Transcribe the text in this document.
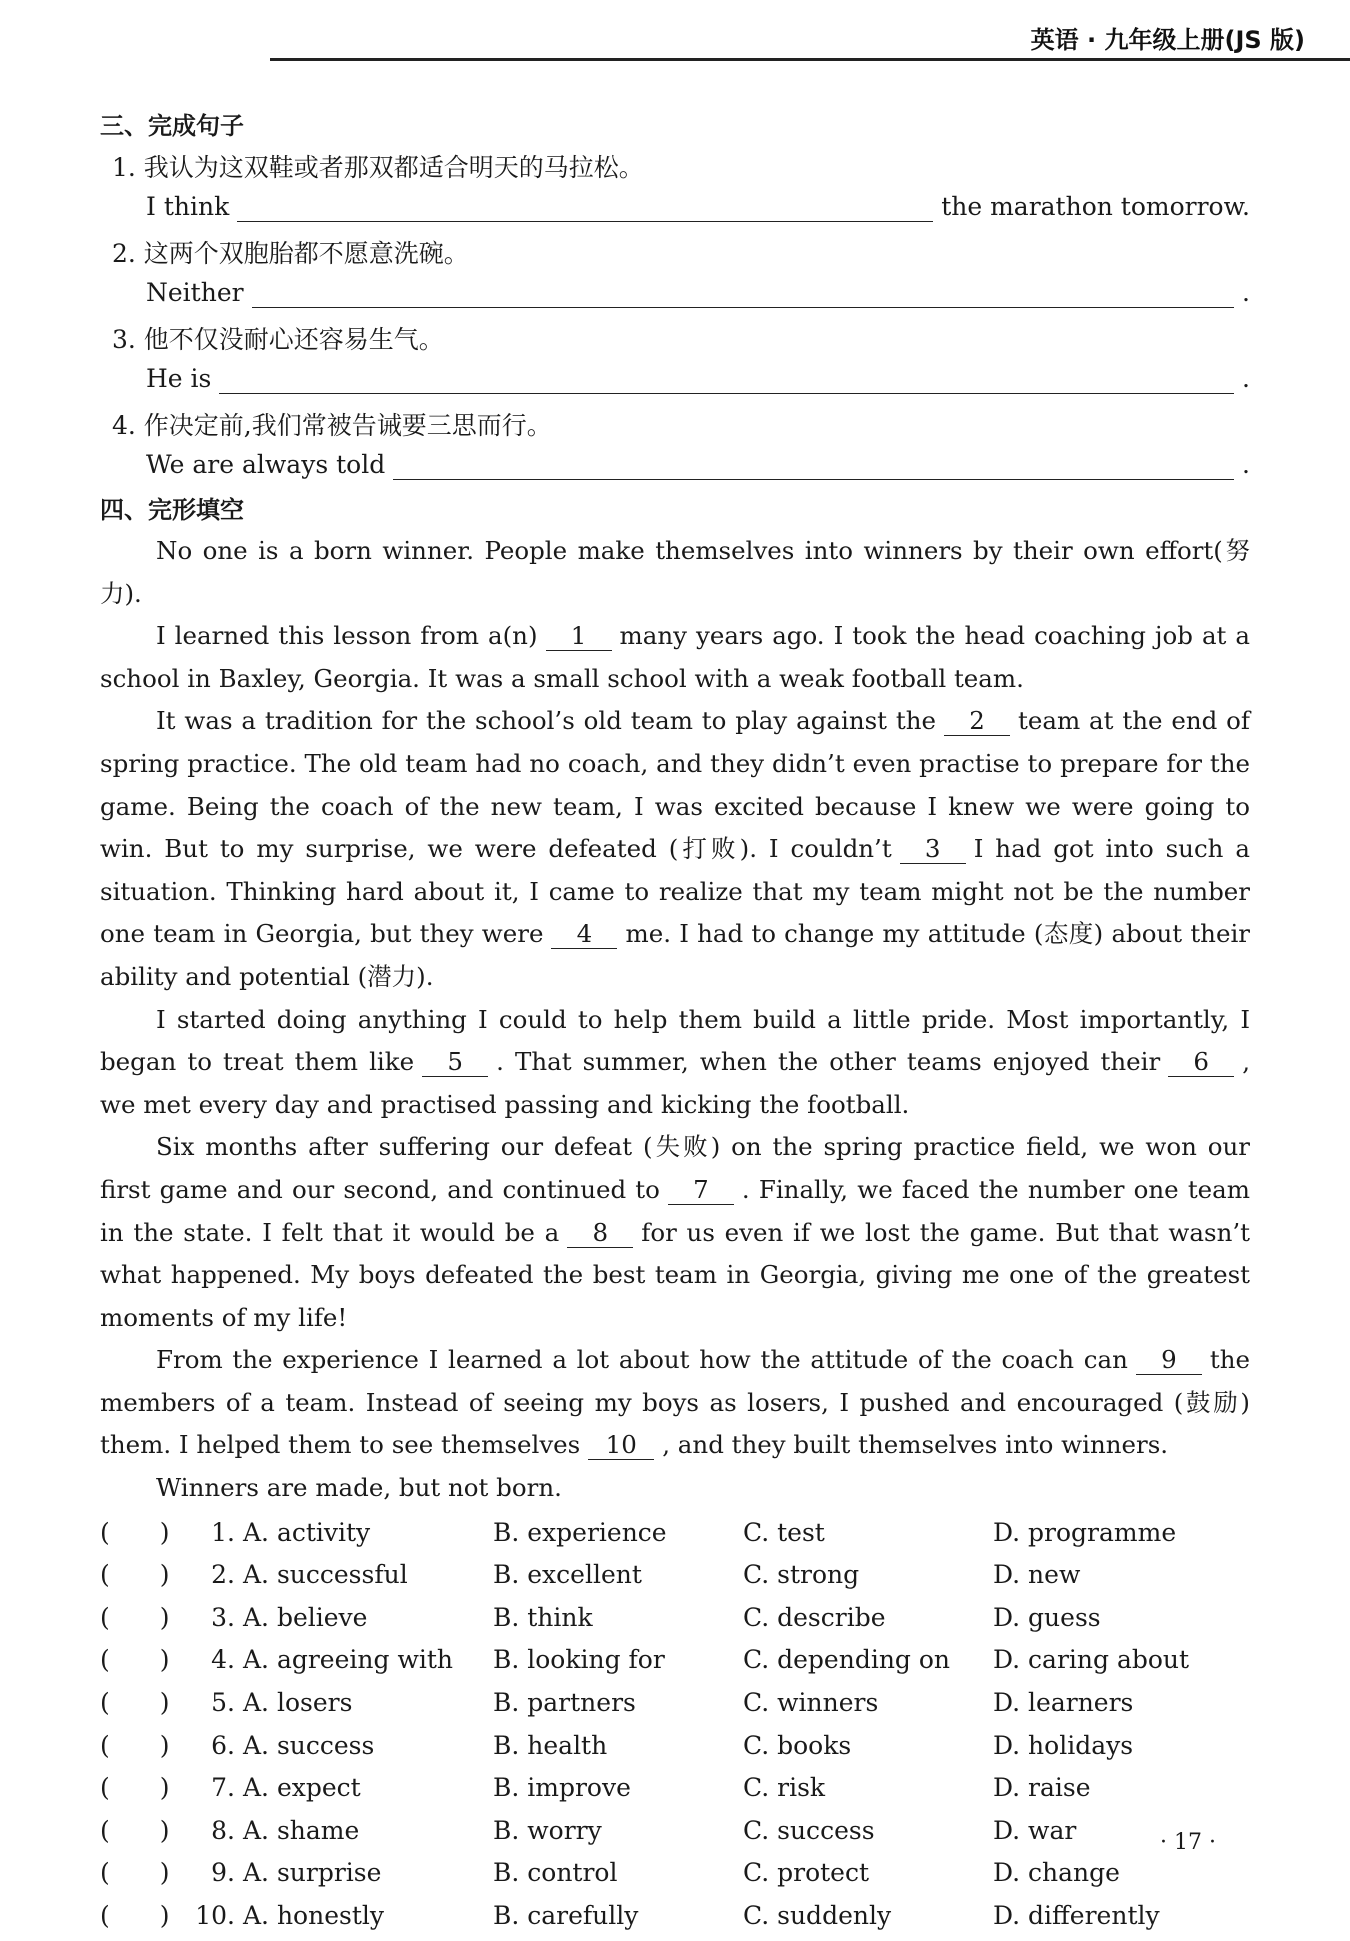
英语 · 九年级上册(JS 版)
三、完成句子
1. 我认为这双鞋或者那双都适合明天的马拉松。
I think	the marathon tomorrow.
2. 这两个双胞胎都不愿意洗碗。
Neither	.
3. 他不仅没耐心还容易生气。
He is	.
4. 作决定前,我们常被告诫要三思而行。
We are always told	.
四、完形填空

No one is a born winner. People make themselves into winners by their own effort(努力).

I learned this lesson from a(n) 1 many years ago. I took the head coaching job at a school in Baxley, Georgia. It was a small school with a weak football team.

It was a tradition for the school’s old team to play against the 2 team at the end of spring practice. The old team had no coach, and they didn’t even practise to prepare for the game. Being the coach of the new team, I was excited because I knew we were going to win. But to my surprise, we were defeated (打败). I couldn’t 3 I had got into such a situation. Thinking hard about it, I came to realize that my team might not be the number one team in Georgia, but they were 4 me. I had to change my attitude (态度) about their ability and potential (潜力).

I started doing anything I could to help them build a little pride. Most importantly, I began to treat them like 5 . That summer, when the other teams enjoyed their 6 , we met every day and practised passing and kicking the football.

Six months after suffering our defeat (失败) on the spring practice field, we won our first game and our second, and continued to 7 . Finally, we faced the number one team in the state. I felt that it would be a 8 for us even if we lost the game. But that wasn’t what happened. My boys defeated the best team in Georgia, giving me one of the greatest moments of my life!

From the experience I learned a lot about how the attitude of the coach can 9 the members of a team. Instead of seeing my boys as losers, I pushed and encouraged (鼓励) them. I helped them to see themselves 10 , and they built themselves into winners.

Winners are made, but not born.

(　　)	1. A. activity	B. experience	C. test	D. programme
(　　)	2. A. successful	B. excellent	C. strong	D. new
(　　)	3. A. believe	B. think	C. describe	D. guess
(　　)	4. A. agreeing with	B. looking for	C. depending on	D. caring about
(　　)	5. A. losers	B. partners	C. winners	D. learners
(　　)	6. A. success	B. health	C. books	D. holidays
(　　)	7. A. expect	B. improve	C. risk	D. raise
(　　)	8. A. shame	B. worry	C. success	D. war
(　　)	9. A. surprise	B. control	C. protect	D. change
(　　)	10. A. honestly	B. carefully	C. suddenly	D. differently
· 17 ·
